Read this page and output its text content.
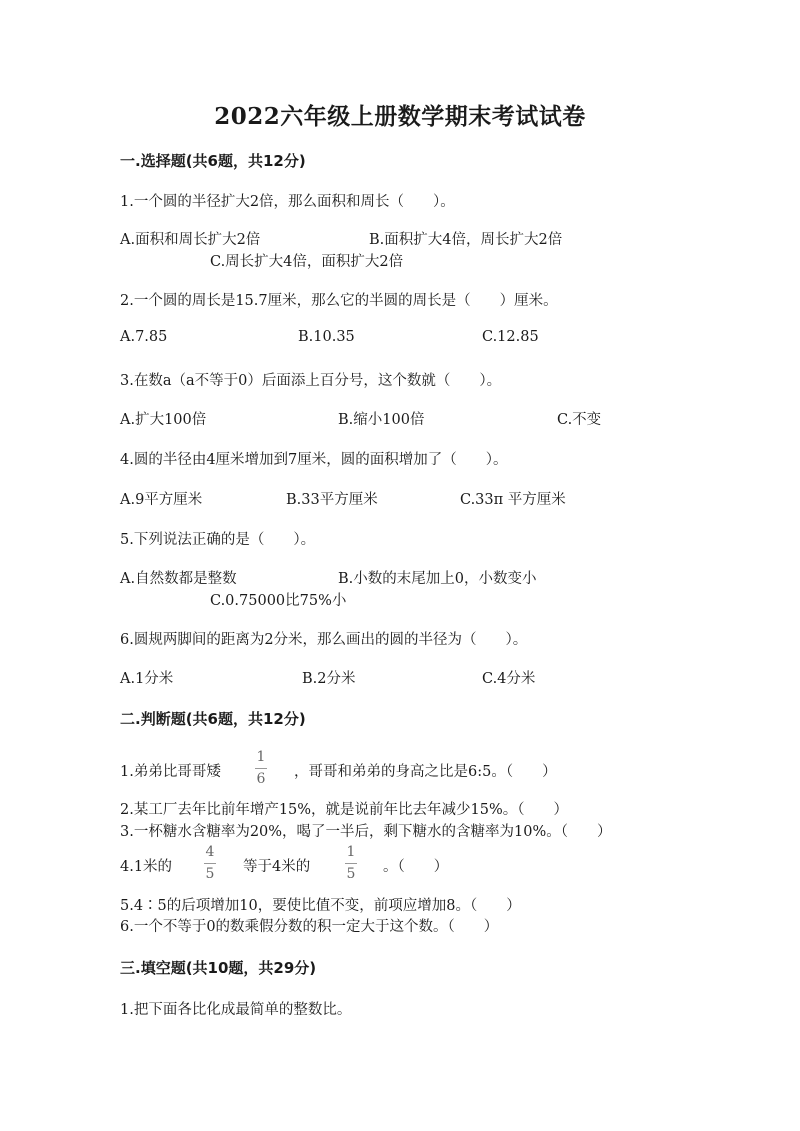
2022六年级上册数学期末考试试卷
一.选择题(共6题，共12分)
1.一个圆的半径扩大2倍，那么面积和周长（　　）。
A.面积和周长扩大2倍	B.面积扩大4倍，周长扩大2倍
C.周长扩大4倍，面积扩大2倍
2.一个圆的周长是15.7厘米，那么它的半圆的周长是（　　）厘米。
A.7.85	B.10.35	C.12.85
3.在数a（a不等于0）后面添上百分号，这个数就（　　）。
A.扩大100倍	B.缩小100倍	C.不变
4.圆的半径由4厘米增加到7厘米，圆的面积增加了（　　）。
A.9平方厘米	B.33平方厘米	C.33π 平方厘米
5.下列说法正确的是（　　）。
A.自然数都是整数	B.小数的末尾加上0，小数变小
C.0.75000比75%小
6.圆规两脚间的距离为2分米，那么画出的圆的半径为（　　）。
A.1分米	B.2分米	C.4分米
二.判断题(共6题，共12分)
1.弟弟比哥哥矮
1
6 ，哥哥和弟弟的身高之比是6:5。（　　）
2.某工厂去年比前年增产15%，就是说前年比去年减少15%。（　　）
3.一杯糖水含糖率为20%，喝了一半后，剩下糖水的含糖率为10%。（　　）
4.1米的
4
5 等于4米的
1
5 。（　　）
5.4∶5的后项增加10，要使比值不变，前项应增加8。（　　）
6.一个不等于0的数乘假分数的积一定大于这个数。（　　）
三.填空题(共10题，共29分)
1.把下面各比化成最简单的整数比。
